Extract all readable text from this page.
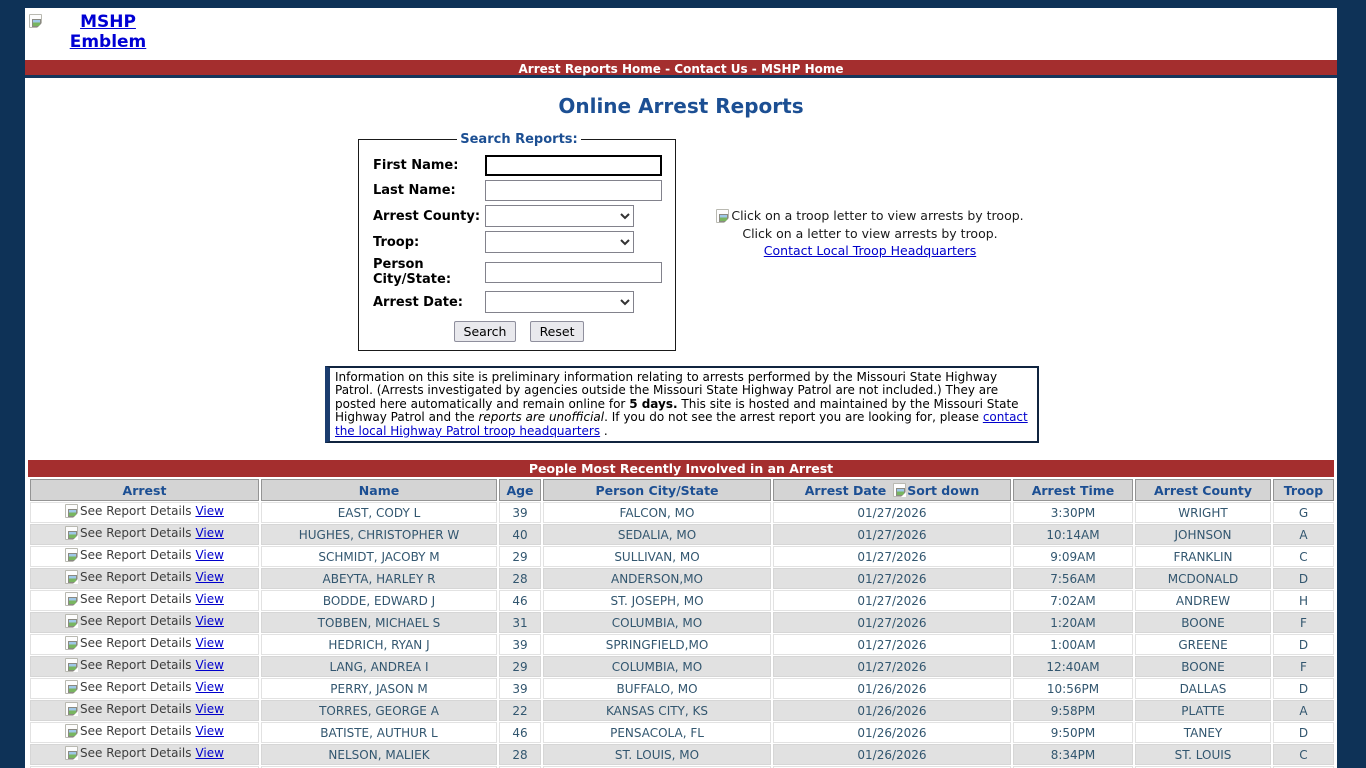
MSHP Emblem
Arrest Reports Home - Contact Us - MSHP Home
Online Arrest Reports
Search Reports:
First Name:
Last Name:
Arrest County:
Troop:
Person City/State:
Arrest Date:
Search	Reset
Click on a troop letter to view arrests by troop.
Click on a letter to view arrests by troop.
Contact Local Troop Headquarters
Information on this site is preliminary information relating to arrests performed by the Missouri State Highway Patrol. (Arrests investigated by agencies outside the Missouri State Highway Patrol are not included.) They are posted here automatically and remain online for 5 days. This site is hosted and maintained by the Missouri State Highway Patrol and the reports are unofficial. If you do not see the arrest report you are looking for, please contact the local Highway Patrol troop headquarters .
People Most Recently Involved in an Arrest
Arrest	Name	Age	Person City/State	Arrest Date Sort down	Arrest Time	Arrest County	Troop

See Report Details View	EAST, CODY L	39	FALCON, MO	01/27/2026	3:30PM	WRIGHT	G

See Report Details View	HUGHES, CHRISTOPHER W	40	SEDALIA, MO	01/27/2026	10:14AM	JOHNSON	A

See Report Details View	SCHMIDT, JACOBY M	29	SULLIVAN, MO	01/27/2026	9:09AM	FRANKLIN	C

See Report Details View	ABEYTA, HARLEY R	28	ANDERSON,MO	01/27/2026	7:56AM	MCDONALD	D

See Report Details View	BODDE, EDWARD J	46	ST. JOSEPH, MO	01/27/2026	7:02AM	ANDREW	H

See Report Details View	TOBBEN, MICHAEL S	31	COLUMBIA, MO	01/27/2026	1:20AM	BOONE	F

See Report Details View	HEDRICH, RYAN J	39	SPRINGFIELD,MO	01/27/2026	1:00AM	GREENE	D

See Report Details View	LANG, ANDREA I	29	COLUMBIA, MO	01/27/2026	12:40AM	BOONE	F

See Report Details View	PERRY, JASON M	39	BUFFALO, MO	01/26/2026	10:56PM	DALLAS	D

See Report Details View	TORRES, GEORGE A	22	KANSAS CITY, KS	01/26/2026	9:58PM	PLATTE	A

See Report Details View	BATISTE, AUTHUR L	46	PENSACOLA, FL	01/26/2026	9:50PM	TANEY	D

See Report Details View	NELSON, MALIEK	28	ST. LOUIS, MO	01/26/2026	8:34PM	ST. LOUIS	C
